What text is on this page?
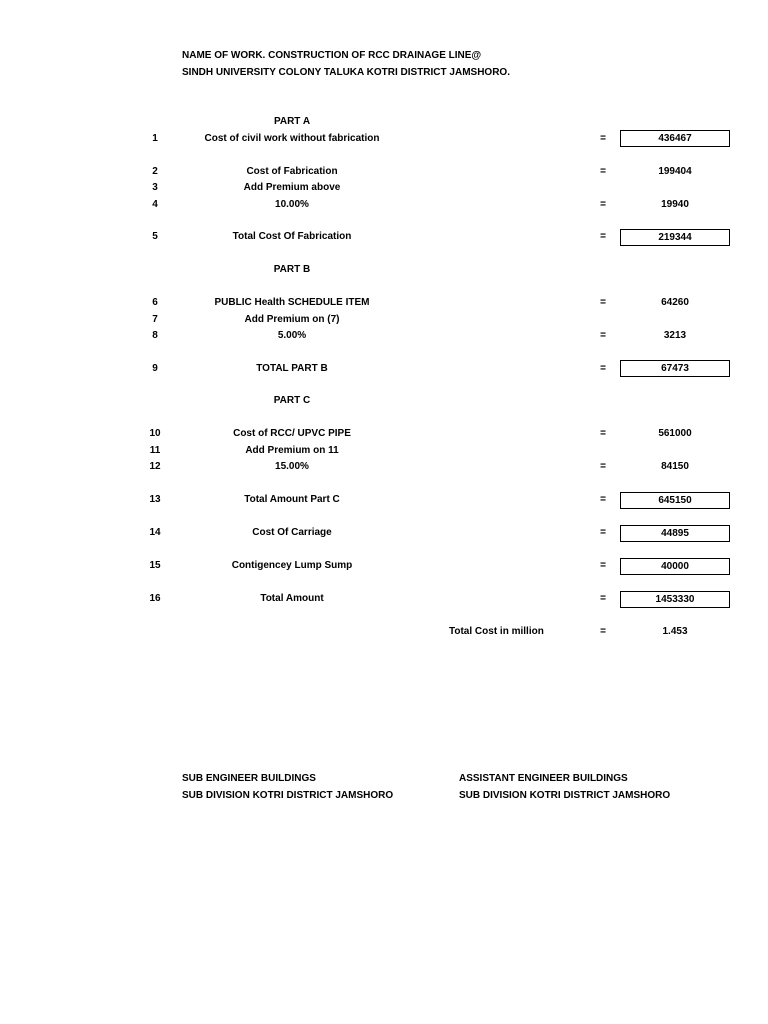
NAME OF WORK. CONSTRUCTION OF RCC DRAINAGE LINE@
SINDH UNIVERSITY COLONY TALUKA KOTRI DISTRICT JAMSHORO.
PART A
PART B
PART C
1	Cost of civil work without fabrication	=	436467
2	Cost of Fabrication	=	199404
3	Add Premium above
4	10.00%	=	19940
5	Total Cost Of Fabrication	=	219344
6	PUBLIC Health SCHEDULE ITEM	=	64260
7	Add Premium on (7)
8	5.00%	=	3213
9	TOTAL PART B	=	67473
10	Cost of RCC/ UPVC PIPE	=	561000
11	Add Premium on 11
12	15.00%	=	84150
13	Total Amount Part C	=	645150
14	Cost Of Carriage	=	44895
15	Contigencey Lump Sump	=	40000
16	Total Amount	=	1453330
Total Cost in million	=	1.453
SUB ENGINEER BUILDINGS
SUB DIVISION KOTRI DISTRICT JAMSHORO
ASSISTANT ENGINEER BUILDINGS
SUB DIVISION KOTRI DISTRICT JAMSHORO
